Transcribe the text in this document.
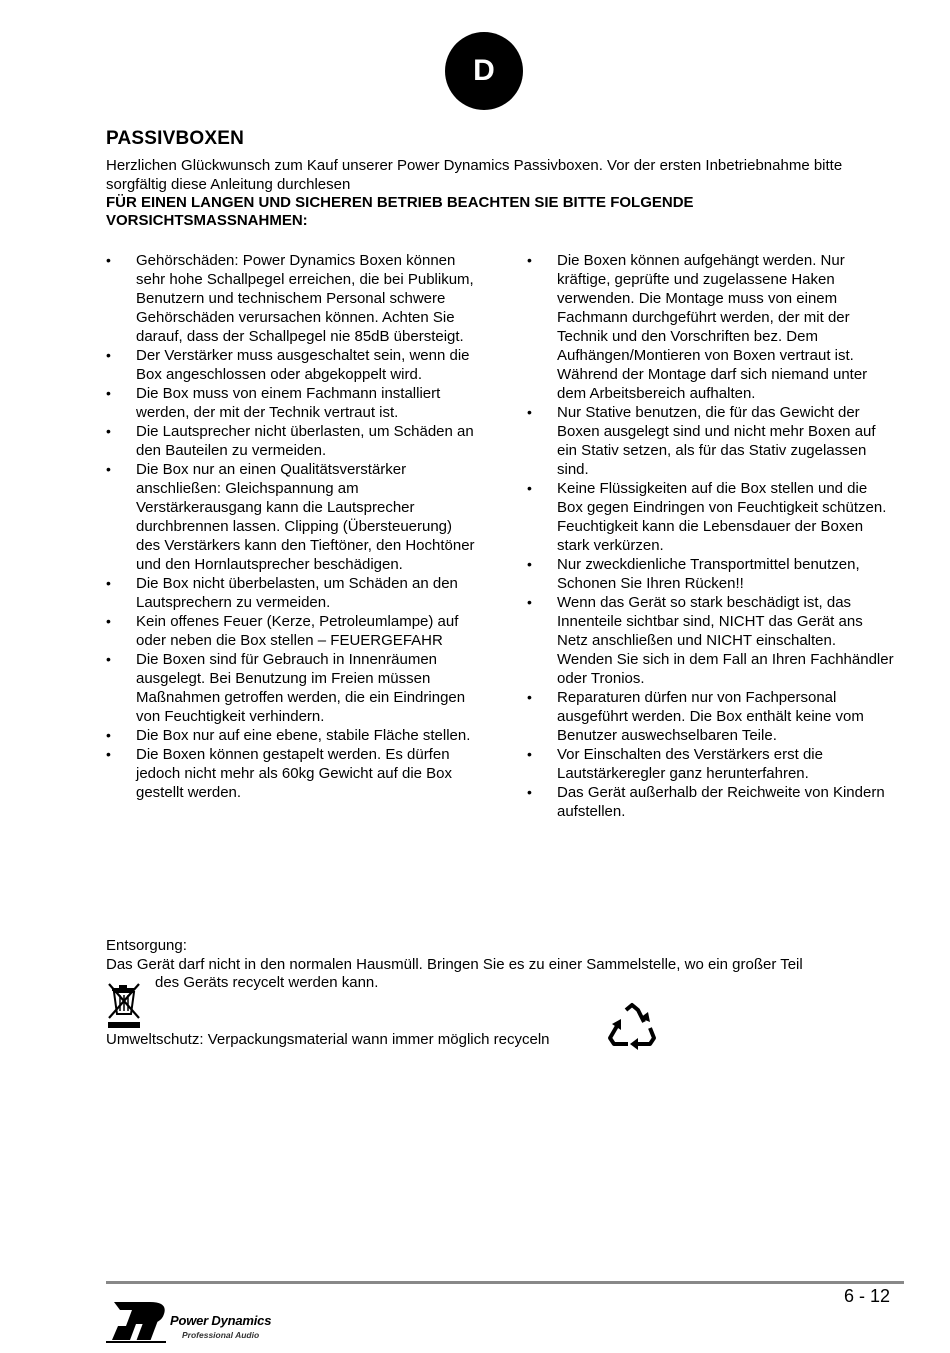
D
PASSIVBOXEN
Herzlichen Glückwunsch zum Kauf unserer Power Dynamics Passivboxen. Vor der ersten Inbetriebnahme bitte sorgfältig diese Anleitung durchlesen
FÜR EINEN LANGEN UND SICHEREN BETRIEB BEACHTEN SIE BITTE FOLGENDE VORSICHTSMASSNAHMEN:
• Gehörschäden: Power Dynamics Boxen können sehr hohe Schallpegel erreichen, die bei Publikum, Benutzern und technischem Personal schwere Gehörschäden verursachen können. Achten Sie darauf, dass der Schallpegel nie 85dB übersteigt.
• Der Verstärker muss ausgeschaltet sein, wenn die Box angeschlossen oder abgekoppelt wird.
• Die Box muss von einem Fachmann installiert werden, der mit der Technik vertraut ist.
• Die Lautsprecher nicht überlasten, um Schäden an den Bauteilen zu vermeiden.
• Die Box nur an einen Qualitätsverstärker anschließen: Gleichspannung am Verstärkerausgang kann die Lautsprecher durchbrennen lassen. Clipping (Übersteuerung) des Verstärkers kann den Tieftöner, den Hochtöner und den Hornlautsprecher beschädigen.
• Die Box nicht überbelasten, um Schäden an den Lautsprechern zu vermeiden.
• Kein offenes Feuer (Kerze, Petroleumlampe) auf oder neben die Box stellen – FEUERGEFAHR
• Die Boxen sind für Gebrauch in Innenräumen ausgelegt. Bei Benutzung im Freien müssen Maßnahmen getroffen werden, die ein Eindringen von Feuchtigkeit verhindern.
• Die Box nur auf eine ebene, stabile Fläche stellen.
• Die Boxen können gestapelt werden. Es dürfen jedoch nicht mehr als 60kg Gewicht auf die Box gestellt werden.
• Die Boxen können aufgehängt werden. Nur kräftige, geprüfte und zugelassene Haken verwenden. Die Montage muss von einem Fachmann durchgeführt werden, der mit der Technik und den Vorschriften bez. Dem Aufhängen/Montieren von Boxen vertraut ist. Während der Montage darf sich niemand unter dem Arbeitsbereich aufhalten.
• Nur Stative benutzen, die für das Gewicht der Boxen ausgelegt sind und nicht mehr Boxen auf ein Stativ setzen, als für das Stativ zugelassen sind.
• Keine Flüssigkeiten auf die Box stellen und die Box gegen Eindringen von Feuchtigkeit schützen. Feuchtigkeit kann die Lebensdauer der Boxen stark verkürzen.
• Nur zweckdienliche Transportmittel benutzen, Schonen Sie Ihren Rücken!!
• Wenn das Gerät so stark beschädigt ist, das Innenteile sichtbar sind, NICHT das Gerät ans Netz anschließen und NICHT einschalten. Wenden Sie sich in dem Fall an Ihren Fachhändler oder Tronios.
• Reparaturen dürfen nur von Fachpersonal ausgeführt werden. Die Box enthält keine vom Benutzer auswechselbaren Teile.
• Vor Einschalten des Verstärkers erst die Lautstärkeregler ganz herunterfahren.
• Das Gerät außerhalb der Reichweite von Kindern aufstellen.
Entsorgung:
Das Gerät darf nicht in den normalen Hausmüll. Bringen Sie es zu einer Sammelstelle, wo ein großer Teil
des Geräts recycelt werden kann.
Umweltschutz: Verpackungsmaterial wann immer möglich recyceln
6 - 12
Power Dynamics
Professional Audio
